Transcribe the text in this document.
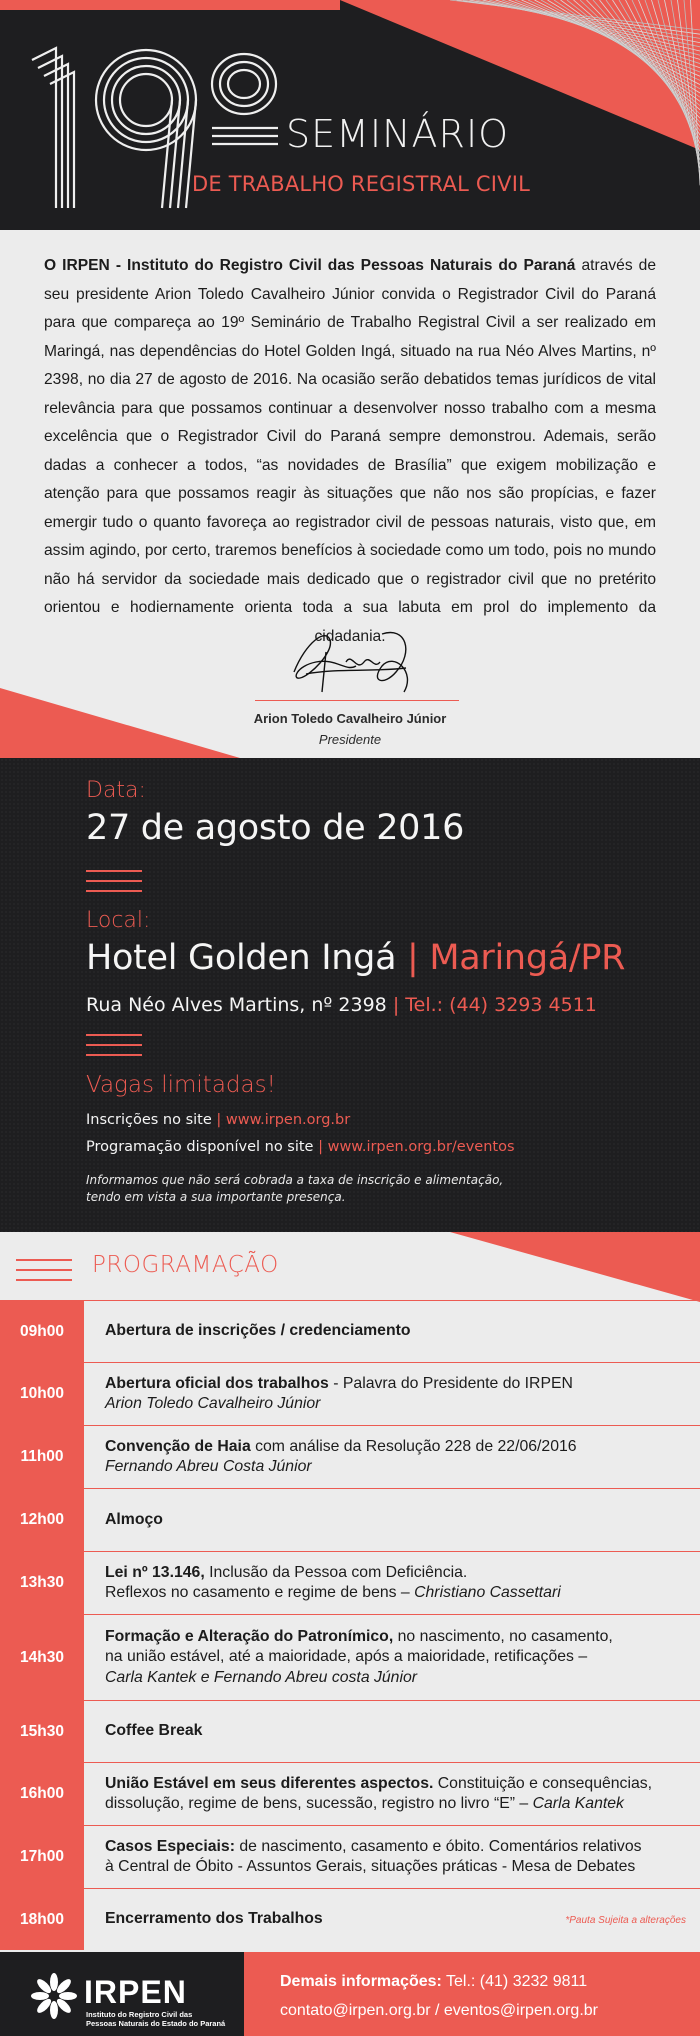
SEMINÁRIO
DE TRABALHO REGISTRAL CIVIL

O IRPEN - Instituto do Registro Civil das Pessoas Naturais do Paraná através de seu presidente Arion Toledo Cavalheiro Júnior convida o Registrador Civil do Paraná para que compareça ao 19º Seminário de Trabalho Registral Civil a ser realizado em Maringá, nas dependências do Hotel Golden Ingá, situado na rua Néo Alves Martins, nº 2398, no dia 27 de agosto de 2016. Na ocasião serão debatidos temas jurídicos de vital relevância para que possamos continuar a desenvolver nosso trabalho com a mesma excelência que o Registrador Civil do Paraná sempre demonstrou. Ademais, serão dadas a conhecer a todos, “as novidades de Brasília” que exigem mobilização e atenção para que possamos reagir às situações que não nos são propícias, e fazer emergir tudo o quanto favoreça ao registrador civil de pessoas naturais, visto que, em assim agindo, por certo, traremos benefícios à sociedade como um todo, pois no mundo não há servidor da sociedade mais dedicado que o registrador civil que no pretérito orientou e hodiernamente orienta toda a sua labuta em prol do implemento da cidadania.

Arion Toledo Cavalheiro Júnior
Presidente
Data:
27 de agosto de 2016
Local:
Hotel Golden Ingá | Maringá/PR
Rua Néo Alves Martins, nº 2398 | Tel.: (44) 3293 4511
Vagas limitadas!
Inscrições no site | www.irpen.org.br
Programação disponível no site | www.irpen.org.br/eventos
Informamos que não será cobrada a taxa de inscrição e alimentação,
tendo em vista a sua importante presença.
PROGRAMAÇÃO
09h00	Abertura de inscrições / credenciamento
10h00
Abertura oficial dos trabalhos - Palavra do Presidente do IRPEN
Arion Toledo Cavalheiro Júnior
11h00
Convenção de Haia com análise da Resolução 228 de 22/06/2016
Fernando Abreu Costa Júnior
12h00	Almoço
13h30
Lei nº 13.146, Inclusão da Pessoa com Deficiência.
Reflexos no casamento e regime de bens – Christiano Cassettari
14h30
Formação e Alteração do Patronímico, no nascimento, no casamento,
na união estável, até a maioridade, após a maioridade, retificações –
Carla Kantek e Fernando Abreu costa Júnior
15h30	Coffee Break
16h00
União Estável em seus diferentes aspectos. Constituição e consequências,
dissolução, regime de bens, sucessão, registro no livro “E” – Carla Kantek
17h00
Casos Especiais: de nascimento, casamento e óbito. Comentários relativos
à Central de Óbito - Assuntos Gerais, situações práticas - Mesa de Debates
18h00	Encerramento dos Trabalhos	*Pauta Sujeita a alterações
IRPEN
Instituto do Registro Civil das
Pessoas Naturais do Estado do Paraná
Demais informações: Tel.: (41) 3232 9811
contato@irpen.org.br / eventos@irpen.org.br
